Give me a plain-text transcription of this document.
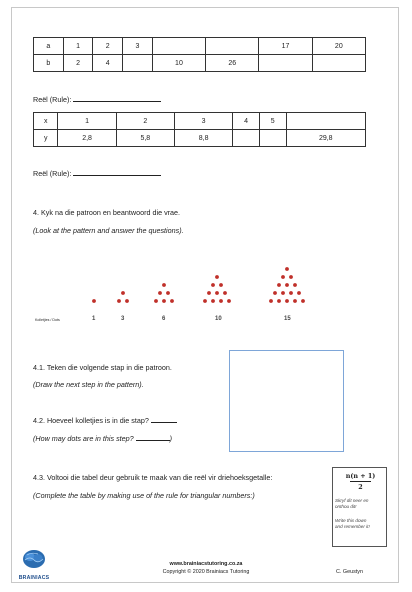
a	1	2	3			17	20
b	2	4		10	26		
Reël (Rule):
x	1	2	3	4	5	
y	2,8	5,8	8,8			29,8
Reël (Rule):
4. Kyk na die patroon en beantwoord die vrae.
(Look at the pattern and answer the questions).
Kolletjies / Dots	1	3	6	10	15
4.1. Teken die volgende stap in die patroon.
(Draw the next step in the pattern).
4.2. Hoeveel kolletjies is in die stap?
(How may dots are in this step?	)
4.3. Voltooi die tabel deur gebruik te maak van die reël vir driehoeksgetalle:
(Complete the table by making use of the rule for triangular numbers:)
n(n + 1)
2
Skryf dit neer en
onthou dit!
Write this down
and remember it!
BRAINIACS
www.brainiacstutoring.co.za
Copyright © 2020 Brainiacs Tutoring	C. Geustyn
